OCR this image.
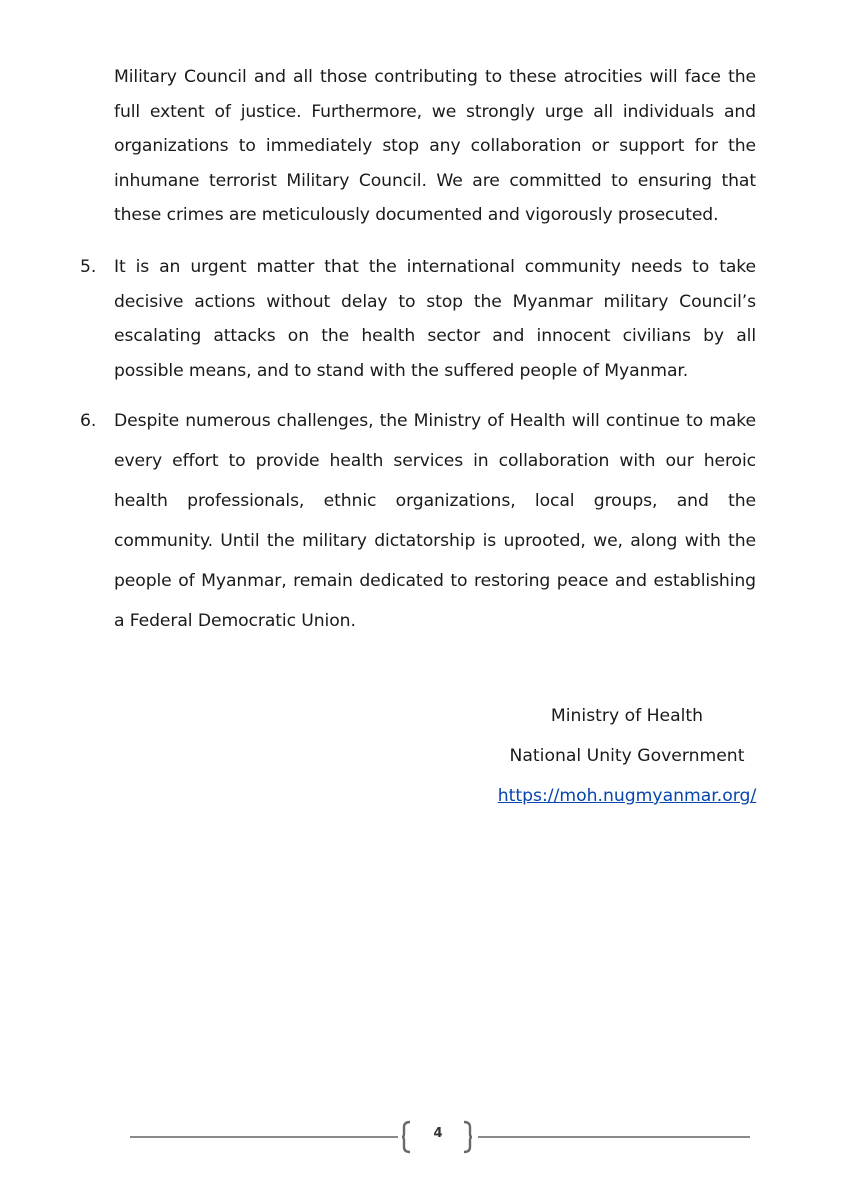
Military Council and all those contributing to these atrocities will face the full extent of justice. Furthermore, we strongly urge all individuals and organizations to immediately stop any collaboration or support for the inhumane terrorist Military Council. We are committed to ensuring that these crimes are meticulously documented and vigorously prosecuted.

5. It is an urgent matter that the international community needs to take decisive actions without delay to stop the Myanmar military Council’s escalating attacks on the health sector and innocent civilians by all possible means, and to stand with the suffered people of Myanmar.

6. Despite numerous challenges, the Ministry of Health will continue to make every effort to provide health services in collaboration with our heroic health professionals, ethnic organizations, local groups, and the community. Until the military dictatorship is uprooted, we, along with the people of Myanmar, remain dedicated to restoring peace and establishing a Federal Democratic Union.

Ministry of Health
National Unity Government
https://moh.nugmyanmar.org/
4
